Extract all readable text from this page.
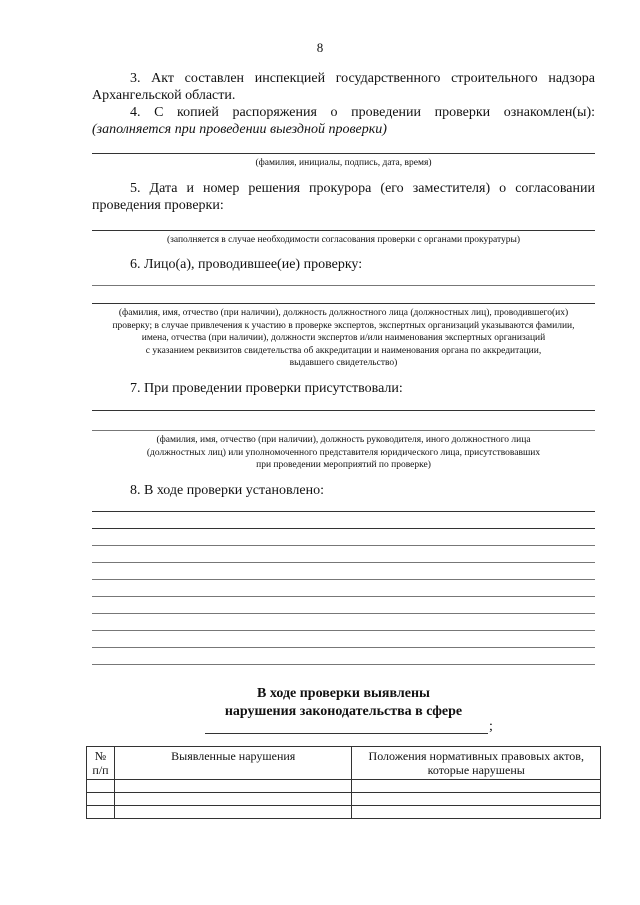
8
3. Акт составлен инспекцией государственного строительного надзора Архангельской области.
4. С копией распоряжения о проведении проверки ознакомлен(ы): (заполняется при проведении выездной проверки)
(фамилия, инициалы, подпись, дата, время)
5. Дата и номер решения прокурора (его заместителя) о согласовании проведения проверки:
(заполняется в случае необходимости согласования проверки с органами прокуратуры)
6. Лицо(а), проводившее(ие) проверку:
(фамилия, имя, отчество (при наличии), должность должностного лица (должностных лиц), проводившего(их)
проверку; в случае привлечения к участию в проверке экспертов, экспертных организаций указываются фамилии,
имена, отчества (при наличии), должности экспертов и/или наименования экспертных организаций
с указанием реквизитов свидетельства об аккредитации и наименования органа по аккредитации,
выдавшего свидетельство)
7. При проведении проверки присутствовали:
(фамилия, имя, отчество (при наличии), должность руководителя, иного должностного лица
(должностных лиц) или уполномоченного представителя юридического лица, присутствовавших
при проведении мероприятий по проверке)
8. В ходе проверки установлено:
В ходе проверки выявлены
нарушения законодательства в сфере
;
№ п/п	Выявленные нарушения	Положения нормативных правовых актов, которые нарушены
